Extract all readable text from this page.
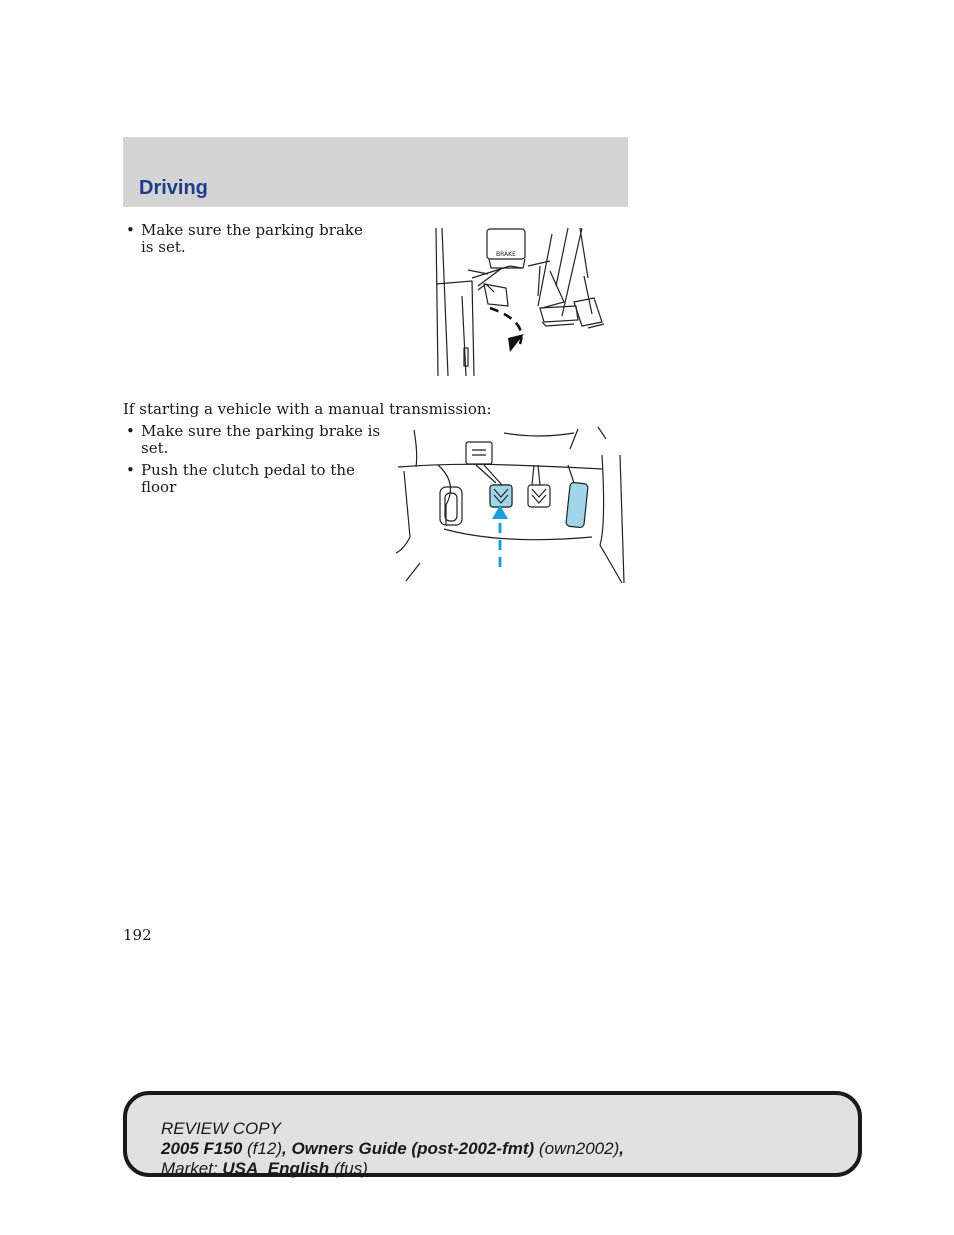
Driving
• Make sure the parking brake is set.	BRAKE
If starting a vehicle with a manual transmission:
• Make sure the parking brake is set.
• Push the clutch pedal to the floor
192
REVIEW COPY
2005 F150 (f12), Owners Guide (post-2002-fmt) (own2002),
Market: USA_English (fus)
